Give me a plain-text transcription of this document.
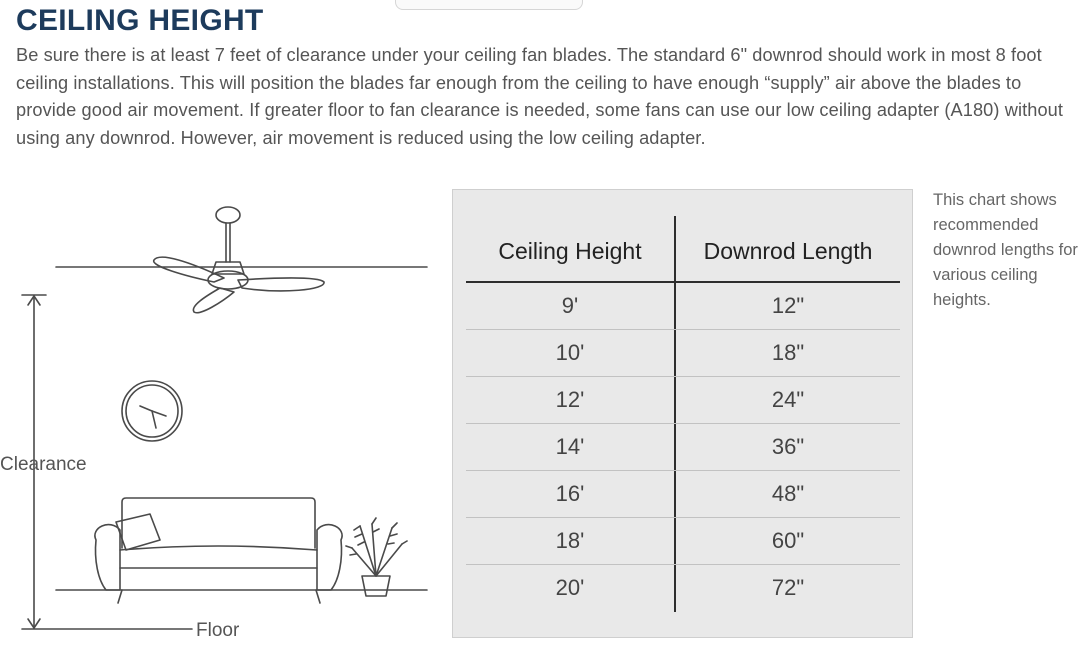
CEILING HEIGHT

Be sure there is at least 7 feet of clearance under your ceiling fan blades. The standard 6" downrod should work in most 8 foot ceiling installations. This will position the blades far enough from the ceiling to have enough “supply” air above the blades to provide good air movement. If greater floor to fan clearance is needed, some fans can use our low ceiling adapter (A180) without using any downrod. However, air movement is reduced using the low ceiling adapter.

Clearance
Floor
Ceiling Height	Downrod Length
9'	12"
10'	18"
12'	24"
14'	36"
16'	48"
18'	60"
20'	72"

This chart shows recommended downrod lengths for various ceiling heights.
